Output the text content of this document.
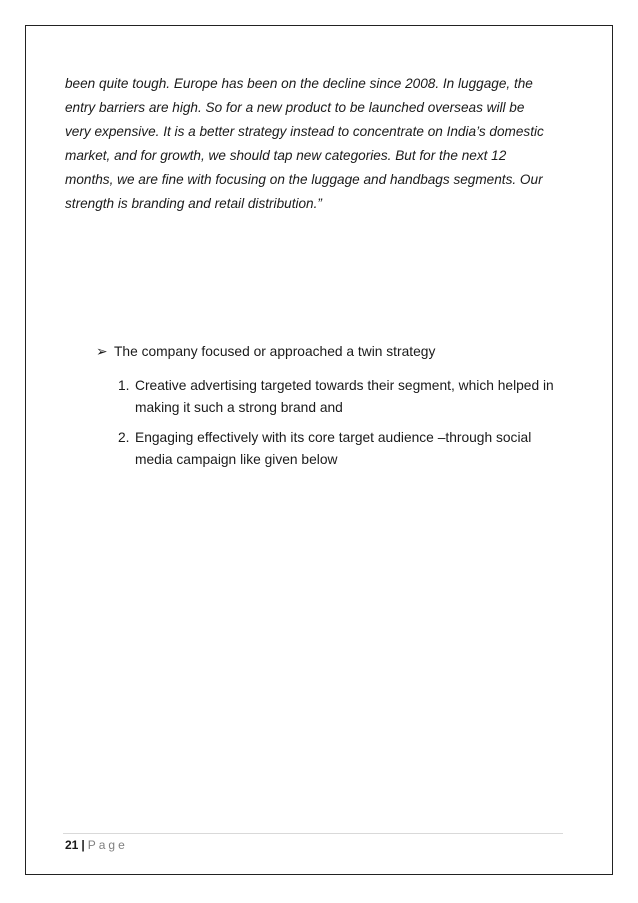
been quite tough. Europe has been on the decline since 2008. In luggage, the

entry barriers are high. So for a new product to be launched overseas will be

very expensive. It is a better strategy instead to concentrate on India’s domestic

market, and for growth, we should tap new categories. But for the next 12

months, we are fine with focusing on the luggage and handbags segments. Our

strength is branding and retail distribution.”

➢ The company focused or approached a twin strategy
1. Creative advertising targeted towards their segment, which helped in
making it such a strong brand and
2. Engaging effectively with its core target audience –through social
media campaign like given below
21 | Page
